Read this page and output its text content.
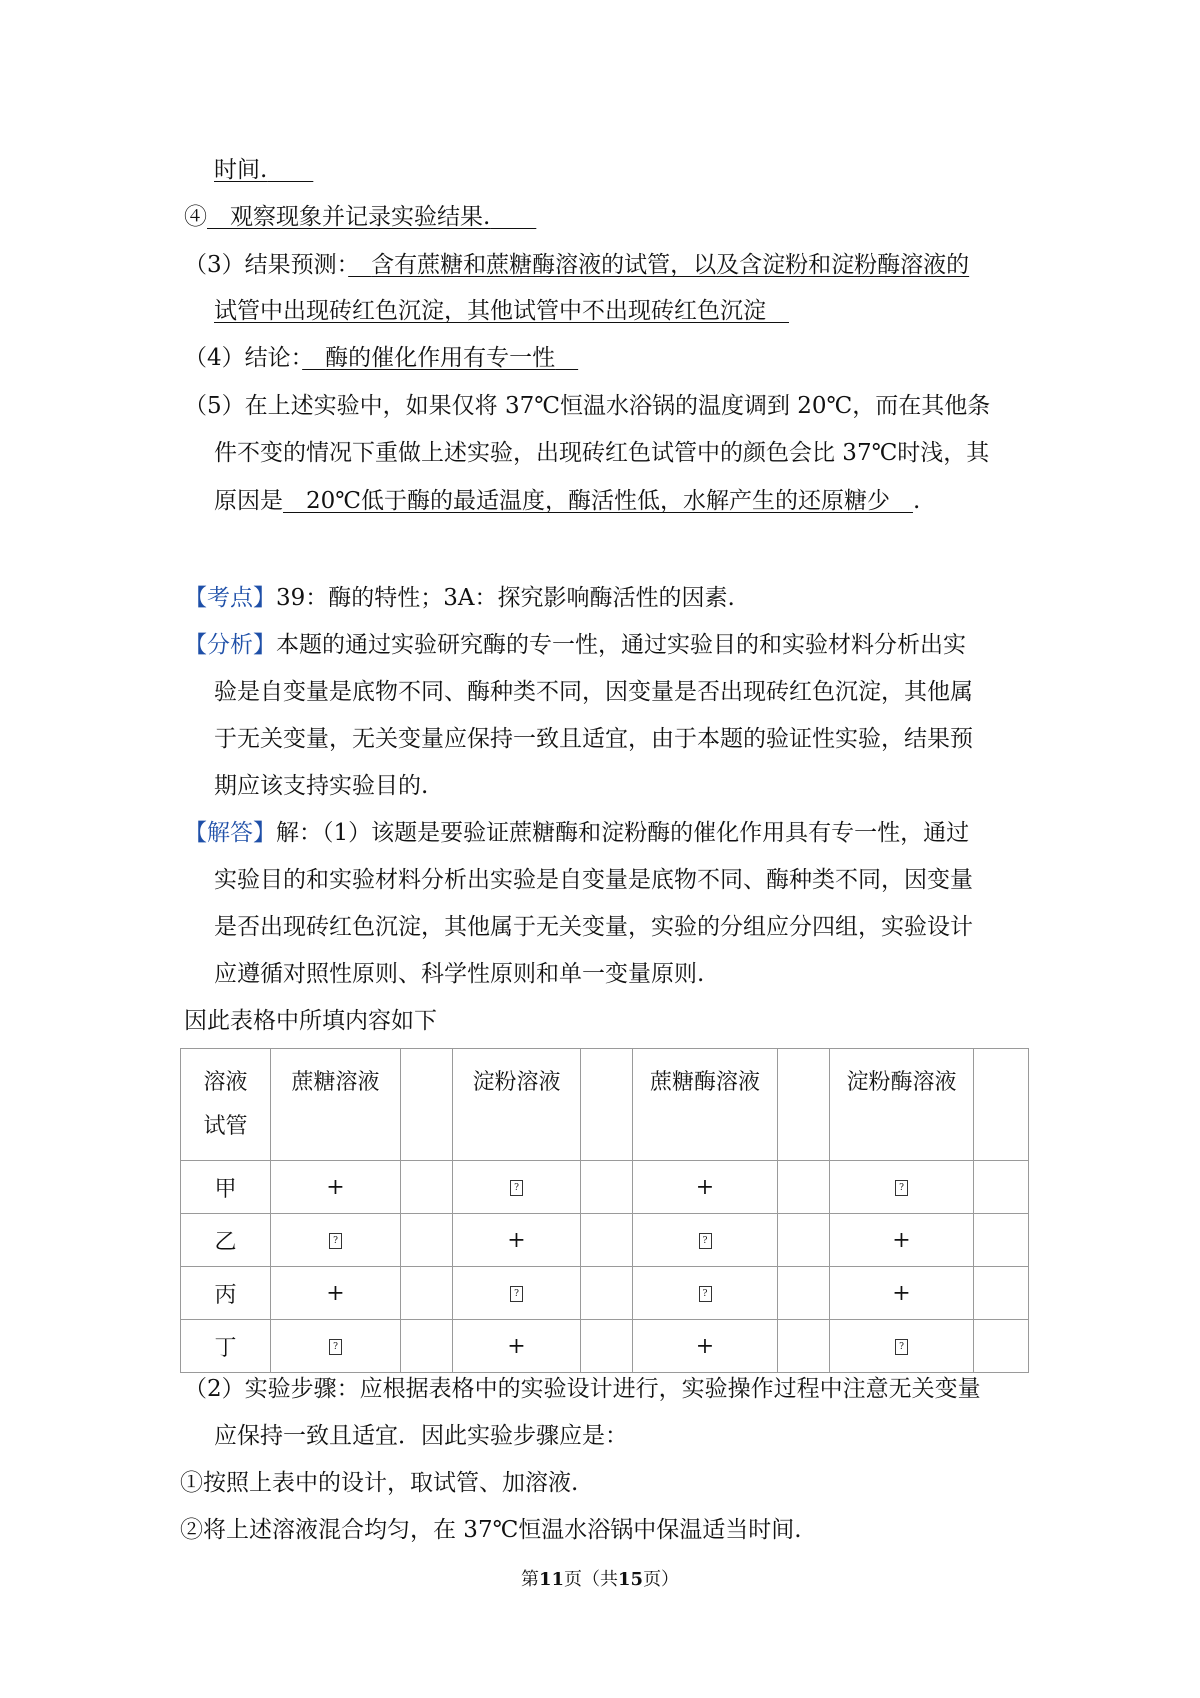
时间.　　
④　 观察现象并记录实验结果.　　
（3）结果预测：　 含有蔗糖和蔗糖酶溶液的试管，以及含淀粉和淀粉酶溶液的
试管中出现砖红色沉淀，其他试管中不出现砖红色沉淀　
（4）结论：　 酶的催化作用有专一性　
（5）在上述实验中，如果仅将 37℃恒温水浴锅的温度调到 20℃，而在其他条
件不变的情况下重做上述实验，出现砖红色试管中的颜色会比 37℃时浅，其
原因是　 20℃低于酶的最适温度，酶活性低，水解产生的还原糖少　 .
【考点】39：酶的特性；3A：探究影响酶活性的因素.
【分析】本题的通过实验研究酶的专一性，通过实验目的和实验材料分析出实
验是自变量是底物不同、酶种类不同，因变量是否出现砖红色沉淀，其他属
于无关变量，无关变量应保持一致且适宜，由于本题的验证性实验，结果预
期应该支持实验目的.
【解答】解：（1）该题是要验证蔗糖酶和淀粉酶的催化作用具有专一性，通过
实验目的和实验材料分析出实验是自变量是底物不同、酶种类不同，因变量
是否出现砖红色沉淀，其他属于无关变量，实验的分组应分四组，实验设计
应遵循对照性原则、科学性原则和单一变量原则.
因此表格中所填内容如下
溶液
试管	蔗糖溶液		淀粉溶液		蔗糖酶溶液		淀粉酶溶液	
甲	+		?		+		?	
乙	?		+		?		+	
丙	+		?		?		+	
丁	?		+		+		?	
（2）实验步骤：应根据表格中的实验设计进行，实验操作过程中注意无关变量
应保持一致且适宜．因此实验步骤应是：
①按照上表中的设计，取试管、加溶液.
②将上述溶液混合均匀，在 37℃恒温水浴锅中保温适当时间.
第11页（共15页）
